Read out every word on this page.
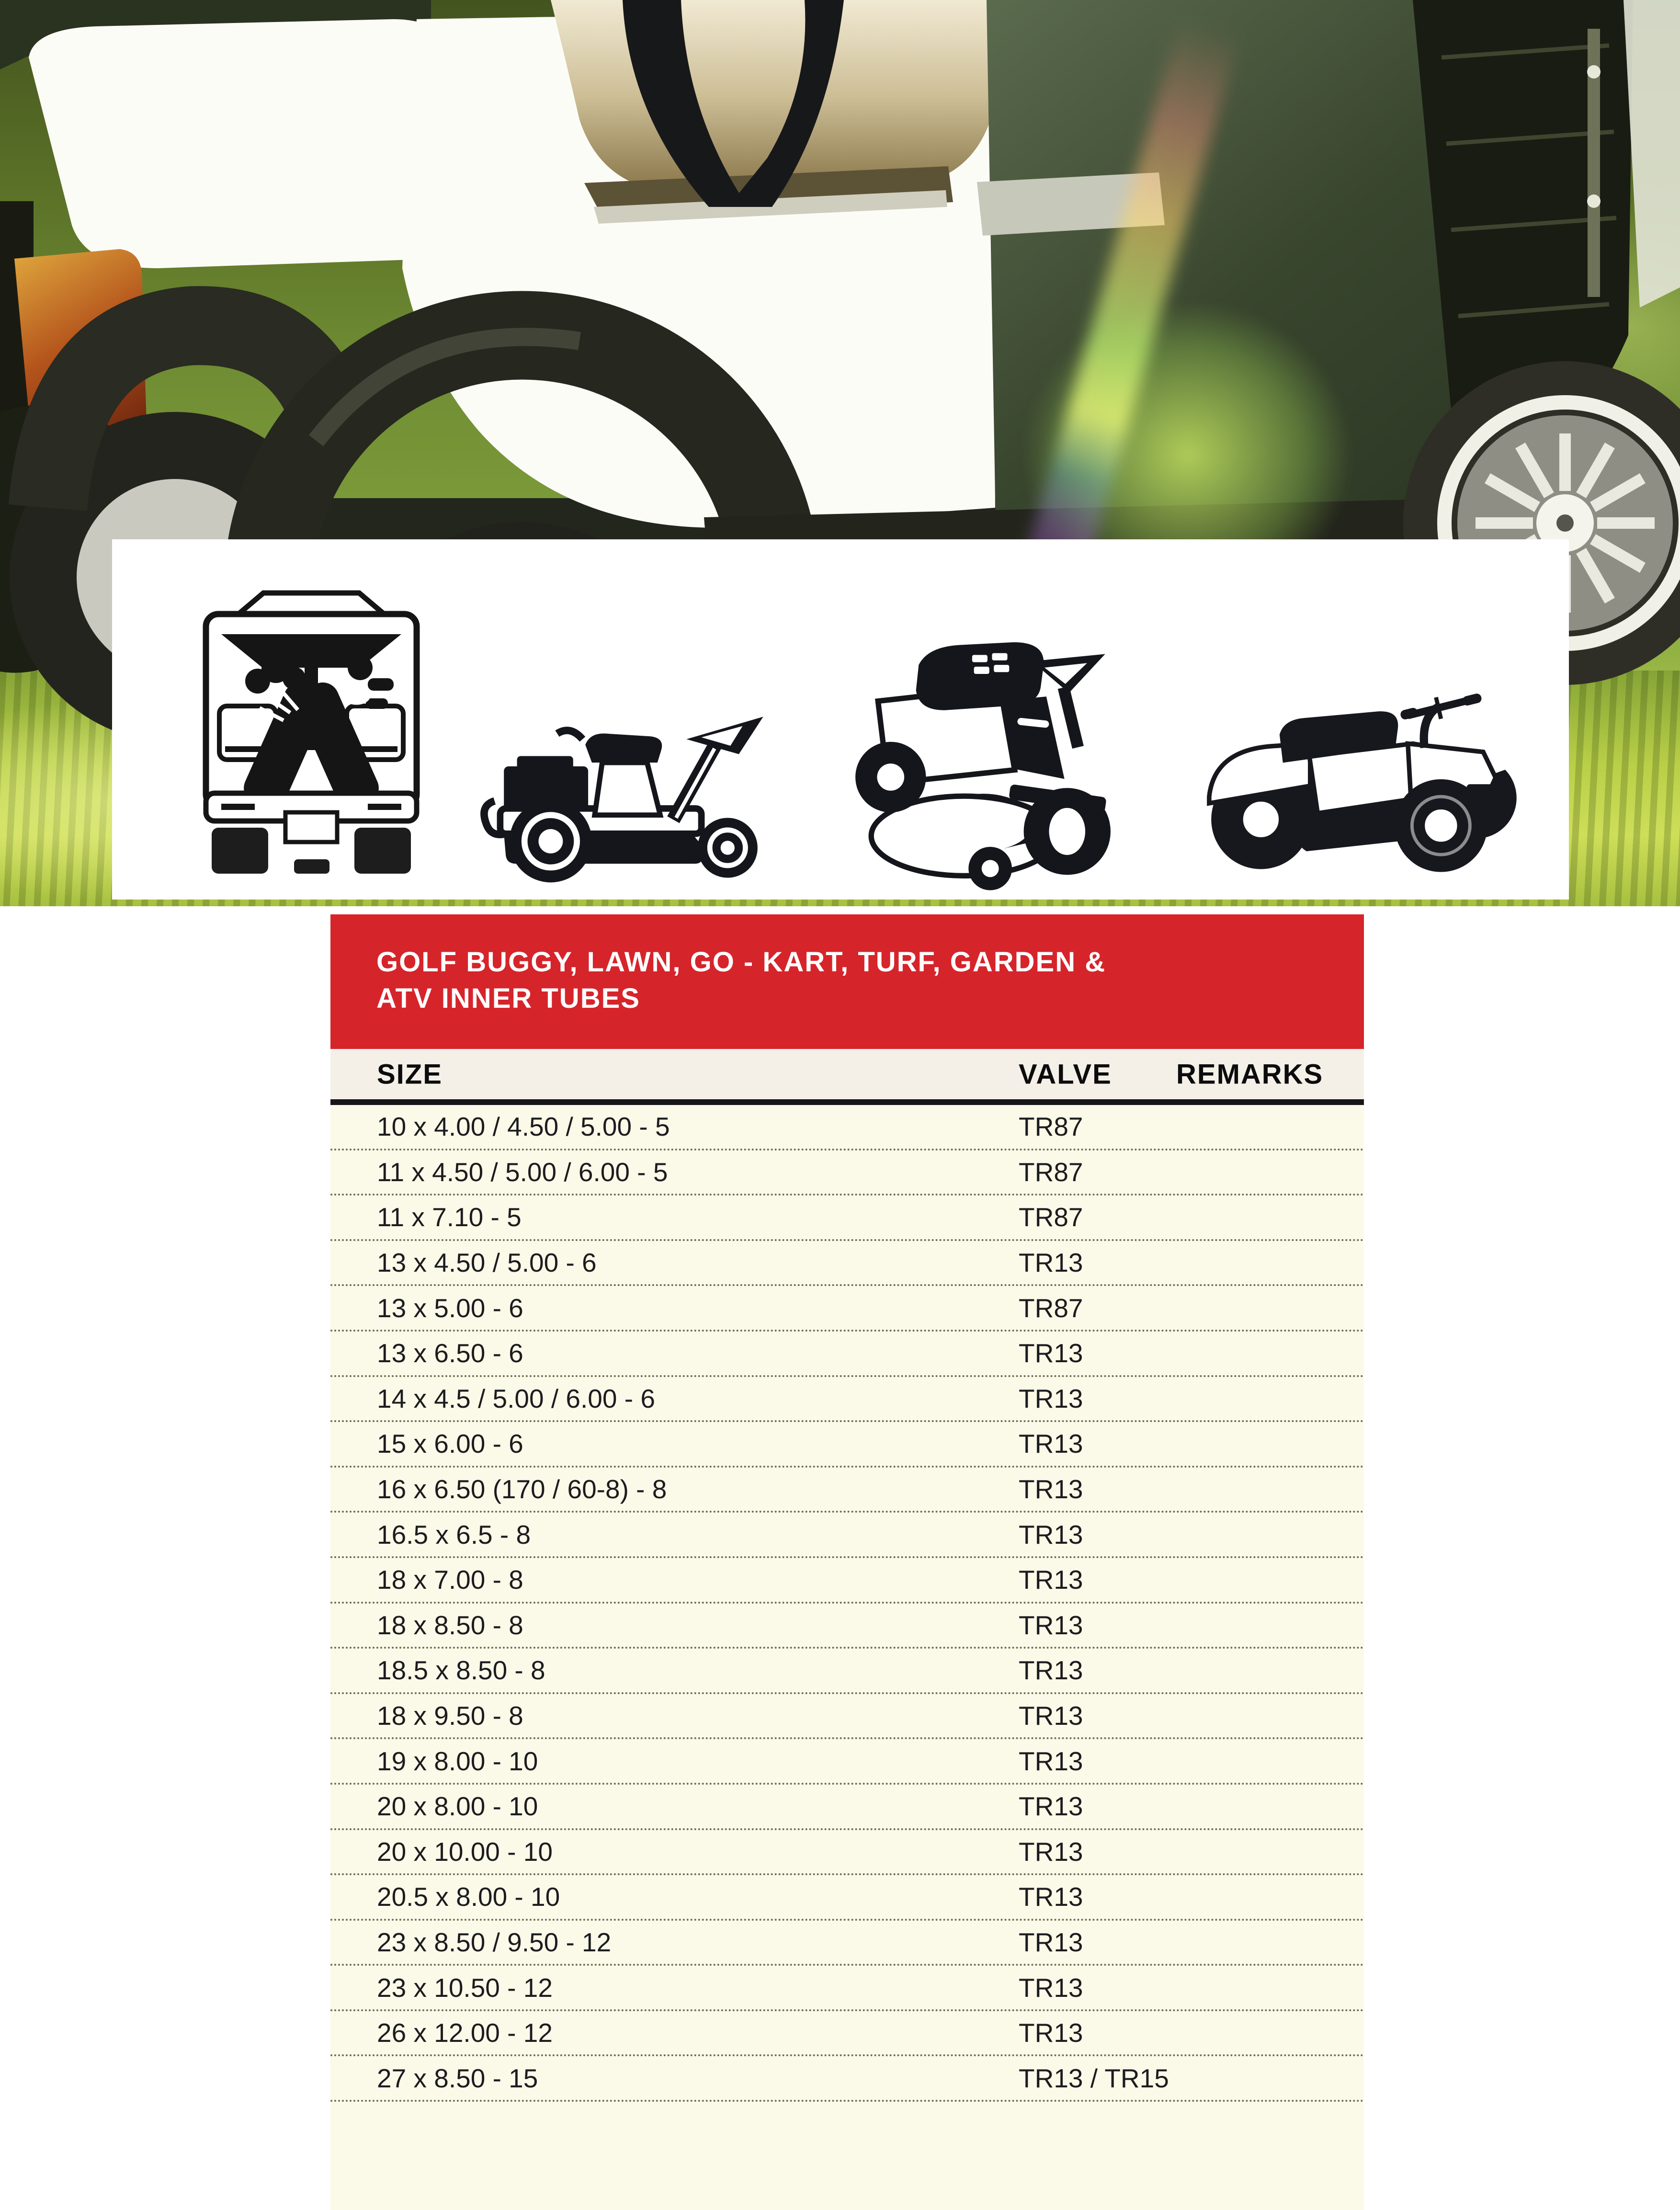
GOLF BUGGY, LAWN, GO - KART, TURF, GARDEN &
ATV INNER TUBES
SIZE	VALVE REMARKS
10 x 4.00 / 4.50 / 5.00 - 5	TR87
11 x 4.50 / 5.00 / 6.00 - 5	TR87
11 x 7.10 - 5	TR87
13 x 4.50 / 5.00 - 6	TR13
13 x 5.00 - 6	TR87
13 x 6.50 - 6	TR13
14 x 4.5 / 5.00 / 6.00 - 6	TR13
15 x 6.00 - 6	TR13
16 x 6.50 (170 / 60-8) - 8	TR13
16.5 x 6.5 - 8	TR13
18 x 7.00 - 8	TR13
18 x 8.50 - 8	TR13
18.5 x 8.50 - 8	TR13
18 x 9.50 - 8	TR13
19 x 8.00 - 10	TR13
20 x 8.00 - 10	TR13
20 x 10.00 - 10	TR13
20.5 x 8.00 - 10	TR13
23 x 8.50 / 9.50 - 12	TR13
23 x 10.50 - 12	TR13
26 x 12.00 - 12	TR13
27 x 8.50 - 15	TR13 / TR15
